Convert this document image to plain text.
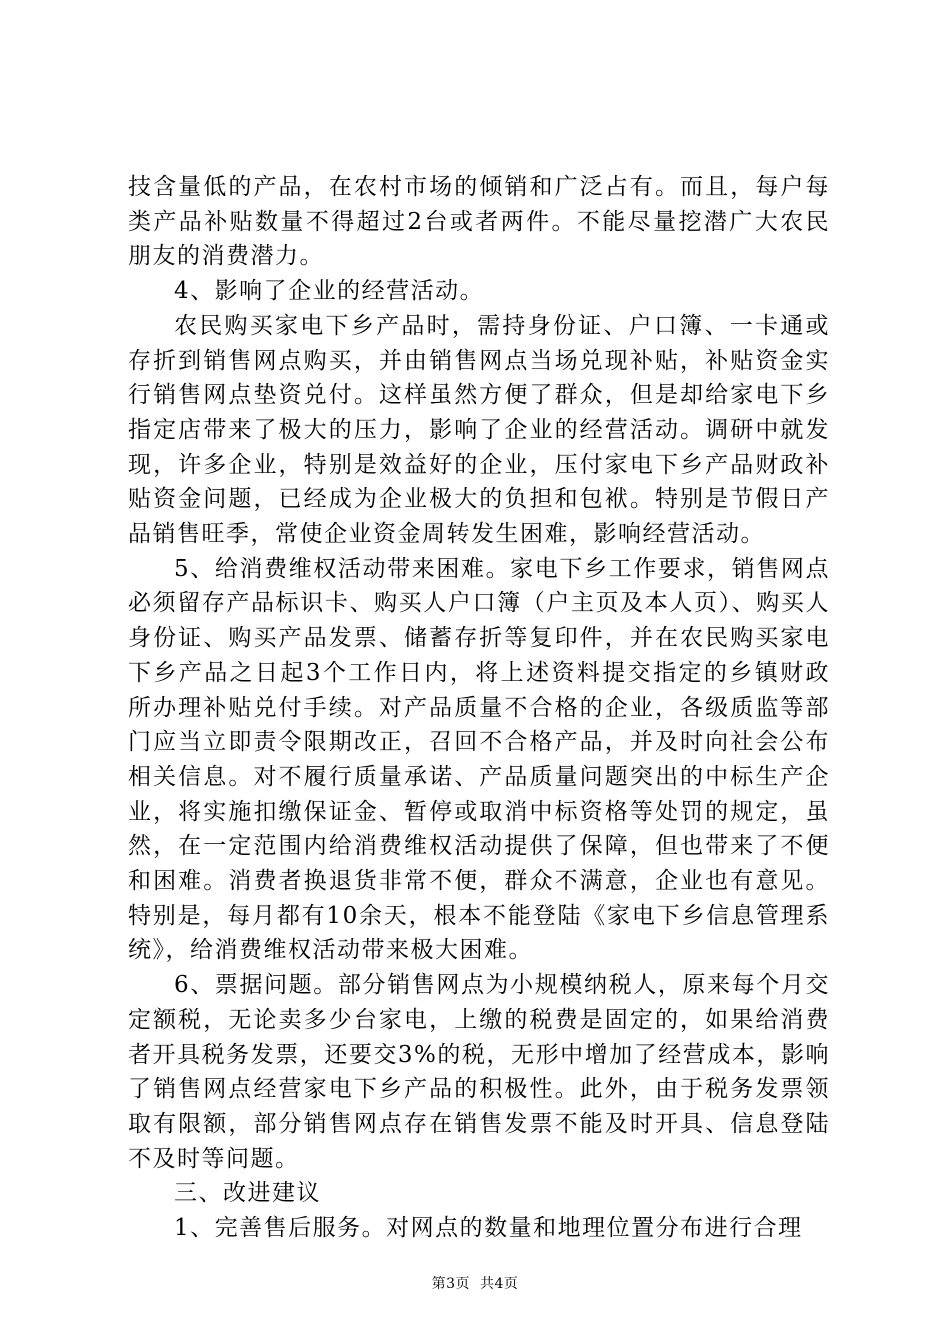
技含量低的产品，在农村市场的倾销和广泛占有。而且，每户每类产品补贴数量不得超过2台或者两件。不能尽量挖潜广大农民朋友的消费潜力。

4、影响了企业的经营活动。

农民购买家电下乡产品时，需持身份证、户口簿、一卡通或存折到销售网点购买，并由销售网点当场兑现补贴，补贴资金实行销售网点垫资兑付。这样虽然方便了群众，但是却给家电下乡指定店带来了极大的压力，影响了企业的经营活动。调研中就发现，许多企业，特别是效益好的企业，压付家电下乡产品财政补贴资金问题，已经成为企业极大的负担和包袱。特别是节假日产品销售旺季，常使企业资金周转发生困难，影响经营活动。

5、给消费维权活动带来困难。家电下乡工作要求，销售网点必须留存产品标识卡、购买人户口簿（户主页及本人页）、购买人身份证、购买产品发票、储蓄存折等复印件，并在农民购买家电下乡产品之日起3个工作日内，将上述资料提交指定的乡镇财政所办理补贴兑付手续。对产品质量不合格的企业，各级质监等部门应当立即责令限期改正，召回不合格产品，并及时向社会公布相关信息。对不履行质量承诺、产品质量问题突出的中标生产企业，将实施扣缴保证金、暂停或取消中标资格等处罚的规定，虽然，在一定范围内给消费维权活动提供了保障，但也带来了不便和困难。消费者换退货非常不便，群众不满意，企业也有意见。特别是，每月都有10余天，根本不能登陆《家电下乡信息管理系统》，给消费维权活动带来极大困难。

6、票据问题。部分销售网点为小规模纳税人，原来每个月交定额税，无论卖多少台家电，上缴的税费是固定的，如果给消费者开具税务发票，还要交3%的税，无形中增加了经营成本，影响了销售网点经营家电下乡产品的积极性。此外，由于税务发票领取有限额，部分销售网点存在销售发票不能及时开具、信息登陆不及时等问题。

三、改进建议

1、完善售后服务。对网点的数量和地理位置分布进行合理

第3页 共4页
